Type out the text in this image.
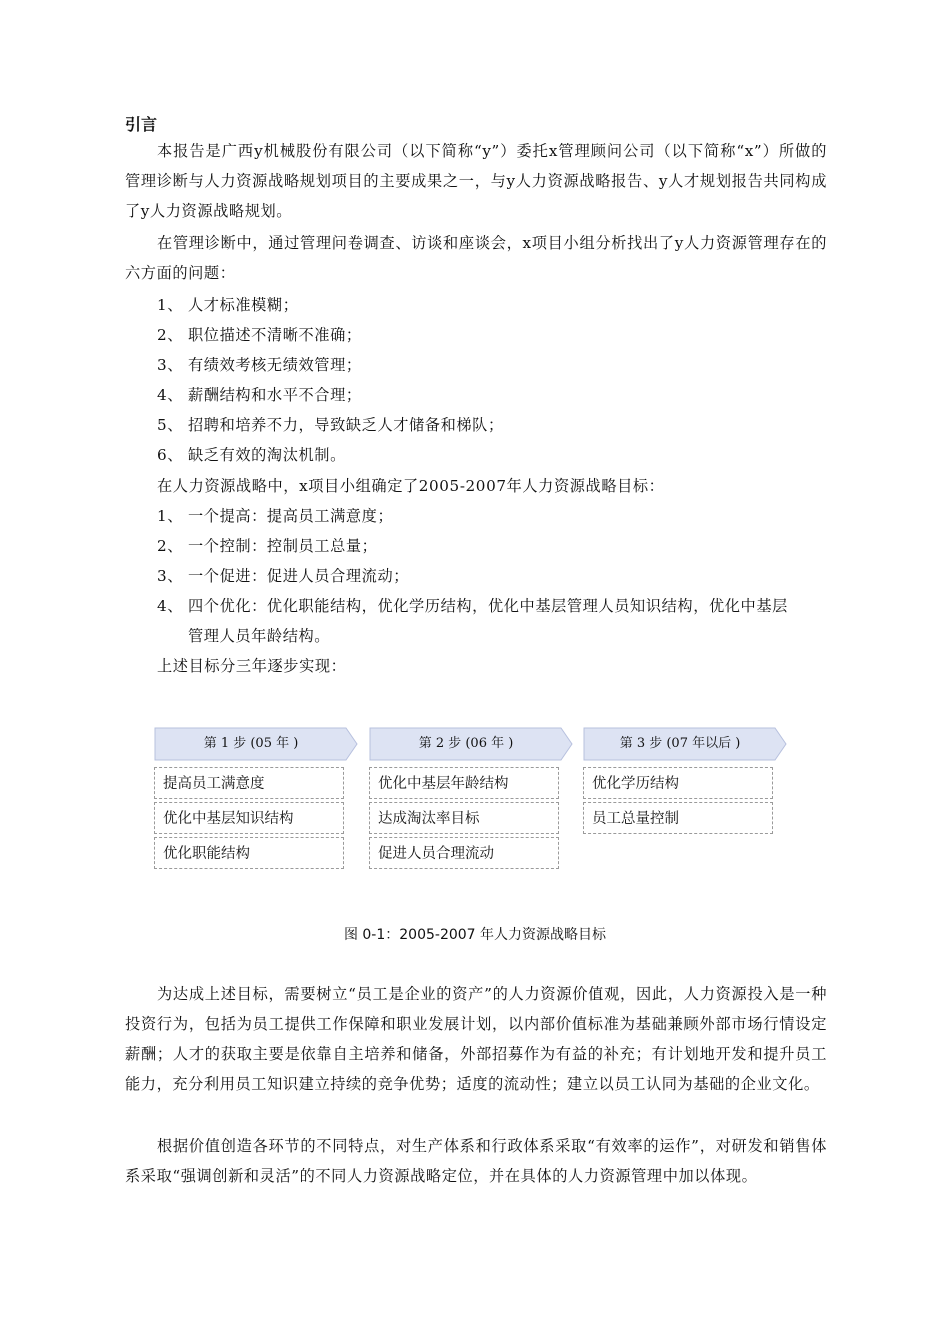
引言
本报告是广西y机械股份有限公司（以下简称“y”）委托x管理顾问公司（以下简称“x”）所做的管理诊断与人力资源战略规划项目的主要成果之一，与y人力资源战略报告、y人才规划报告共同构成了y人力资源战略规划。
在管理诊断中，通过管理问卷调查、访谈和座谈会，x项目小组分析找出了y人力资源管理存在的六方面的问题：
1、 人才标准模糊；
2、 职位描述不清晰不准确；
3、 有绩效考核无绩效管理；
4、 薪酬结构和水平不合理；
5、 招聘和培养不力，导致缺乏人才储备和梯队；
6、 缺乏有效的淘汰机制。
在人力资源战略中，x项目小组确定了2005-2007年人力资源战略目标：
1、 一个提高：提高员工满意度；
2、 一个控制：控制员工总量；
3、 一个促进：促进人员合理流动；
4、 四个优化：优化职能结构，优化学历结构，优化中基层管理人员知识结构，优化中基层
管理人员年龄结构。
上述目标分三年逐步实现：
第 1 步 (05 年 )
提高员工满意度
优化中基层知识结构
优化职能结构
第 2 步 (06 年 )
优化中基层年龄结构
达成淘汰率目标
促进人员合理流动
第 3 步 (07 年以后 )
优化学历结构
员工总量控制
图 0-1：2005-2007 年人力资源战略目标
为达成上述目标，需要树立“员工是企业的资产”的人力资源价值观，因此，人力资源投入是一种投资行为，包括为员工提供工作保障和职业发展计划，以内部价值标准为基础兼顾外部市场行情设定薪酬；人才的获取主要是依靠自主培养和储备，外部招募作为有益的补充；有计划地开发和提升员工能力，充分利用员工知识建立持续的竞争优势；适度的流动性；建立以员工认同为基础的企业文化。
根据价值创造各环节的不同特点，对生产体系和行政体系采取“有效率的运作”，对研发和销售体系采取“强调创新和灵活”的不同人力资源战略定位，并在具体的人力资源管理中加以体现。
